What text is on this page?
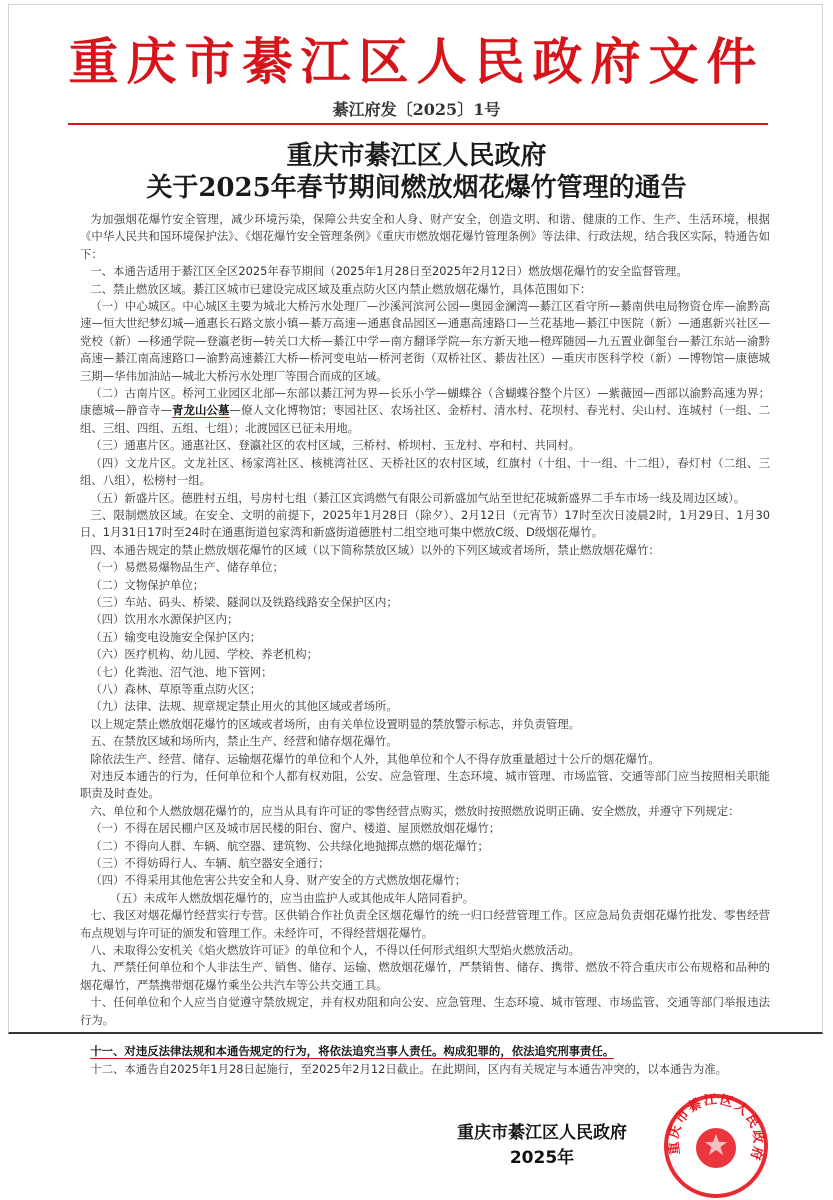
重庆市綦江区人民政府文件
綦江府发〔2025〕1号
重庆市綦江区人民政府
关于2025年春节期间燃放烟花爆竹管理的通告

为加强烟花爆竹安全管理，减少环境污染，保障公共安全和人身、财产安全，创造文明、和谐、健康的工作、生产、生活环境，根据《中华人民共和国环境保护法》、《烟花爆竹安全管理条例》《重庆市燃放烟花爆竹管理条例》等法律、行政法规，结合我区实际，特通告如下：

一、本通告适用于綦江区全区2025年春节期间（2025年1月28日至2025年2月12日）燃放烟花爆竹的安全监督管理。

二、禁止燃放区域。綦江区城市已建设完成区域及重点防火区内禁止燃放烟花爆竹，具体范围如下：

（一）中心城区。中心城区主要为城北大桥污水处理厂—沙溪河滨河公园—奥园金澜湾—綦江区看守所—綦南供电局物资仓库—渝黔高速—恒大世纪梦幻城—通惠长石路文旅小镇—綦万高速—通惠食品园区—通惠高速路口—兰花基地—綦江中医院（新）—通惠新兴社区—党校（新）—移通学院—登瀛老街—转关口大桥—綦江中学—南方翻译学院—东方新天地—橙珲随园—九五置业御玺台—綦江东站—渝黔高速—綦江南高速路口—渝黔高速綦江大桥—桥河变电站—桥河老街（双桥社区、綦齿社区）—重庆市医科学校（新）—博物馆—康德城三期—华伟加油站—城北大桥污水处理厂等围合而成的区域。

（二）古南片区。桥河工业园区北部—东部以綦江河为界—长乐小学—蝴蝶谷（含蝴蝶谷整个片区）—紫薇园—西部以渝黔高速为界；康德城—静音寺—青龙山公墓—僚人文化博物馆；枣园社区、农场社区、金桥村、清水村、花坝村、春光村、尖山村、连城村（一组、二组、三组、四组、五组、七组）；北渡园区已征未用地。

（三）通惠片区。通惠社区、登瀛社区的农村区域，三桥村、桥坝村、玉龙村、亭和村、共同村。

（四）文龙片区。文龙社区、杨家湾社区、核桃湾社区、天桥社区的农村区域，红旗村（十组、十一组、十二组），春灯村（二组、三组、八组），松榜村一组。

（五）新盛片区。德胜村五组，号房村七组（綦江区宾鸿燃气有限公司新盛加气站至世纪花城新盛界二手车市场一线及周边区域）。

三、限制燃放区域。在安全、文明的前提下，2025年1月28日（除夕）、2月12日（元宵节）17时至次日凌晨2时，1月29日、1月30日、1月31日17时至24时在通惠街道包家湾和新盛街道德胜村二组空地可集中燃放C级、D级烟花爆竹。

四、本通告规定的禁止燃放烟花爆竹的区域（以下简称禁放区域）以外的下列区域或者场所，禁止燃放烟花爆竹：

（一）易燃易爆物品生产、储存单位；

（二）文物保护单位；

（三）车站、码头、桥梁、隧洞以及铁路线路安全保护区内；

（四）饮用水水源保护区内；

（五）输变电设施安全保护区内；

（六）医疗机构、幼儿园、学校、养老机构；

（七）化粪池、沼气池、地下管网；

（八）森林、草原等重点防火区；

（九）法律、法规、规章规定禁止用火的其他区域或者场所。

以上规定禁止燃放烟花爆竹的区域或者场所，由有关单位设置明显的禁放警示标志，并负责管理。

五、在禁放区域和场所内，禁止生产、经营和储存烟花爆竹。

除依法生产、经营、储存、运输烟花爆竹的单位和个人外，其他单位和个人不得存放重量超过十公斤的烟花爆竹。

对违反本通告的行为，任何单位和个人都有权劝阻，公安、应急管理、生态环境、城市管理、市场监管、交通等部门应当按照相关职能职责及时查处。

六、单位和个人燃放烟花爆竹的，应当从具有许可证的零售经营点购买，燃放时按照燃放说明正确、安全燃放，并遵守下列规定：

（一）不得在居民棚户区及城市居民楼的阳台、窗户、楼道、屋顶燃放烟花爆竹；

（二）不得向人群、车辆、航空器、建筑物、公共绿化地抛掷点燃的烟花爆竹；

（三）不得妨碍行人、车辆、航空器安全通行；

（四）不得采用其他危害公共安全和人身、财产安全的方式燃放烟花爆竹；

（五）未成年人燃放烟花爆竹的，应当由监护人或其他成年人陪同看护。

七、我区对烟花爆竹经营实行专营。区供销合作社负责全区烟花爆竹的统一归口经营管理工作。区应急局负责烟花爆竹批发、零售经营布点规划与许可证的颁发和管理工作。未经许可，不得经营烟花爆竹。

八、未取得公安机关《焰火燃放许可证》的单位和个人，不得以任何形式组织大型焰火燃放活动。

九、严禁任何单位和个人非法生产、销售、储存、运输、燃放烟花爆竹，严禁销售、储存、携带、燃放不符合重庆市公布规格和品种的烟花爆竹，严禁携带烟花爆竹乘坐公共汽车等公共交通工具。

十、任何单位和个人应当自觉遵守禁放规定，并有权劝阻和向公安、应急管理、生态环境、城市管理、市场监管、交通等部门举报违法行为。

十一、对违反法律法规和本通告规定的行为，将依法追究当事人责任。构成犯罪的，依法追究刑事责任。

十二、本通告自2025年1月28日起施行，至2025年2月12日截止。在此期间，区内有关规定与本通告冲突的，以本通告为准。

重庆市綦江区人民政府
2025年
重庆市綦江区人民政府
